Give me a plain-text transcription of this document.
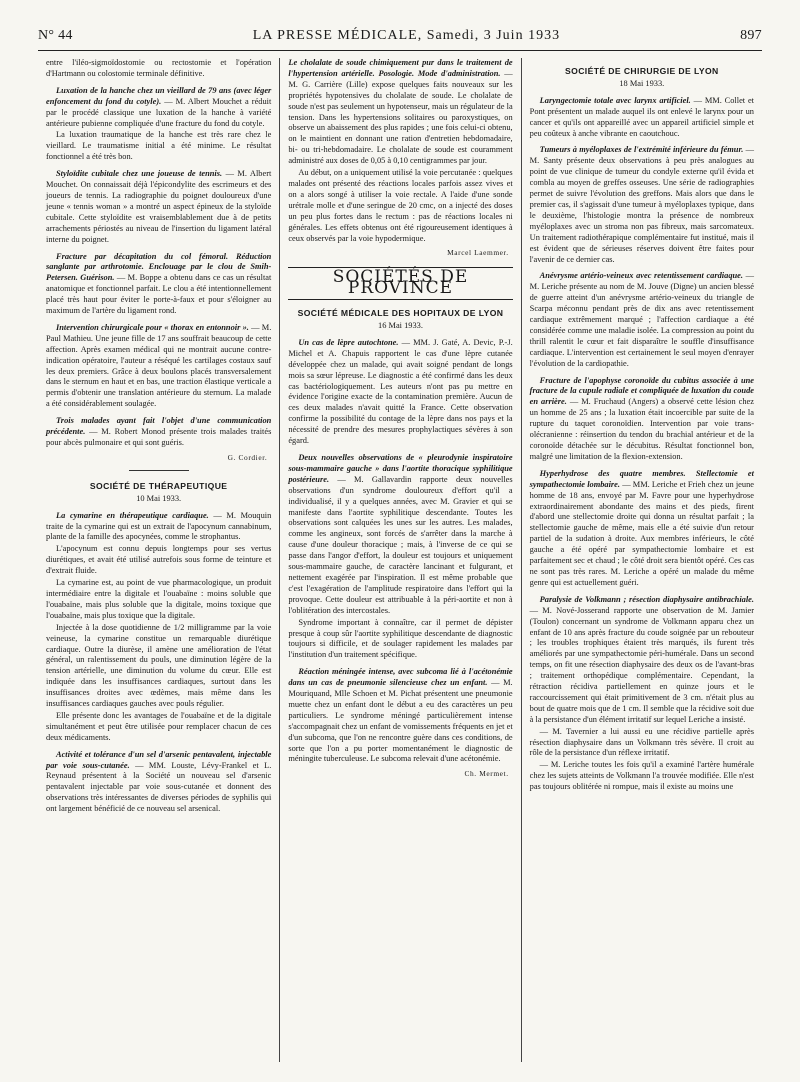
N° 44	LA PRESSE MÉDICALE, Samedi, 3 Juin 1933	897

entre l'iléo-sigmoïdostomie ou rectostomie et l'opération d'Hartmann ou colostomie terminale définitive.

Luxation de la hanche chez un vieillard de 79 ans (avec léger enfoncement du fond du cotyle). — M. Albert Mouchet a réduit par le procédé classique une luxation de la hanche à variété antérieure pubienne compliquée d'une fracture du fond du cotyle.

La luxation traumatique de la hanche est très rare chez le vieillard. Le traumatisme initial a été minime. Le résultat fonctionnel a été très bon.

Styloïdite cubitale chez une joueuse de tennis. — M. Albert Mouchet. On connaissait déjà l'épicondylite des escrimeurs et des joueurs de tennis. La radiographie du poignet douloureux d'une jeune « tennis woman » a montré un aspect épineux de la styloïde cubitale. Cette styloïdite est vraisemblablement due à de petits arrachements périostés au niveau de l'insertion du ligament latéral interne du poignet.

Fracture par décapitation du col fémoral. Réduction sanglante par arthrotomie. Enclouage par le clou de Smih-Petersen. Guérison. — M. Boppe a obtenu dans ce cas un résultat anatomique et fonctionnel parfait. Le clou a été intentionnellement placé très haut pour éviter le porte-à-faux et pour s'éloigner au maximum de l'artère du ligament rond.

Intervention chirurgicale pour « thorax en entonnoir ». — M. Paul Mathieu. Une jeune fille de 17 ans souffrait beaucoup de cette affection. Après examen médical qui ne montrait aucune contre-indication opératoire, l'auteur a réséqué les cartilages costaux sauf les deux premiers. Grâce à deux boulons placés transversalement dans le sternum en haut et en bas, une traction élastique verticale a permis d'obtenir une translation antérieure du sternum. La malade a été considérablement soulagée.

Trois malades ayant fait l'objet d'une communication précédente. — M. Robert Monod présente trois malades traités pour abcès pulmonaire et qui sont guéris.

G. Cordier.

SOCIÉTÉ DE THÉRAPEUTIQUE
10 Mai 1933.

La cymarine en thérapeutique cardiaque. — M. Mouquin traite de la cymarine qui est un extrait de l'apocynum cannabinum, plante de la famille des apocynées, comme le strophantus.

L'apocynum est connu depuis longtemps pour ses vertus diurétiques, et avait été utilisé autrefois sous forme de teinture et d'extrait fluide.

La cymarine est, au point de vue pharmacologique, un produit intermédiaire entre la digitale et l'ouabaïne : moins soluble que l'ouabaïne, mais plus soluble que la digitale, moins toxique que l'ouabaïne, mais plus toxique que la digitale.

Injectée à la dose quotidienne de 1/2 milligramme par la voie veineuse, la cymarine constitue un remarquable diurétique cardiaque. Outre la diurèse, il amène une amélioration de l'état général, un ralentissement du pouls, une diminution légère de la tension artérielle, une diminution du volume du cœur. Elle est indiquée dans les insuffisances cardiaques, surtout dans les insuffisances droites avec œdèmes, mais même dans les insuffisances cardiaques gauches avec pouls régulier.

Elle présente donc les avantages de l'ouabaïne et de la digitale simultanément et peut être utilisée pour remplacer chacun de ces deux médicaments.

Activité et tolérance d'un sel d'arsenic pentavalent, injectable par voie sous-cutanée. — MM. Louste, Lévy-Frankel et L. Reynaud présentent à la Société un nouveau sel d'arsenic pentavalent injectable par voie sous-cutanée et donnent des observations très intéressantes de diverses périodes de syphilis qui ont largement bénéficié de ce nouveau sel arsenical.

Le cholalate de soude chimiquement pur dans le traitement de l'hypertension artérielle. Posologie. Mode d'administration. — M. G. Carrière (Lille) expose quelques faits nouveaux sur les propriétés hypotensives du cholalate de soude. Le cholalate de soude n'est pas seulement un hypotenseur, mais un régulateur de la tension. Dans les hypertensions solitaires ou paroxystiques, on observe un abaissement des plus rapides ; une fois celui-ci obtenu, on le maintient en donnant une ration d'entretien hebdomadaire, bi- ou tri-hebdomadaire. Le cholalate de soude est couramment administré aux doses de 0,05 à 0,10 centigrammes par jour.

Au début, on a uniquement utilisé la voie percutanée : quelques malades ont présenté des réactions locales parfois assez vives et on a alors songé à utiliser la voie rectale. A l'aide d'une sonde urétrale molle et d'une seringue de 20 cmc, on a injecté des doses un peu plus fortes dans le rectum : pas de réactions locales ni générales. Les effets obtenus ont été rigoureusement identiques à ceux observés par la voie hypodermique.

Marcel Laemmer.

SOCIÉTÉS DE PROVINCE
SOCIÉTÉ MÉDICALE DES HOPITAUX DE LYON
16 Mai 1933.

Un cas de lèpre autochtone. — MM. J. Gaté, A. Devic, P.-J. Michel et A. Chapuis rapportent le cas d'une lèpre cutanée développée chez un malade, qui avait soigné pendant de longs mois sa sœur lépreuse. Le diagnostic a été confirmé dans les deux cas bactériologiquement. Les auteurs n'ont pas pu mettre en évidence l'origine exacte de la contamination première. Aucun de ces deux malades n'avait quitté la France. Cette observation confirme la possibilité du contage de la lèpre dans nos pays et la nécessité de prendre des mesures prophylactiques sévères à son égard.

Deux nouvelles observations de « pleurodynie inspiratoire sous-mammaire gauche » dans l'aortite thoracique syphilitique postérieure. — M. Gallavardin rapporte deux nouvelles observations d'un syndrome douloureux d'effort qu'il a individualisé, il y a quelques années, avec M. Gravier et qui se manifeste dans l'aortite syphilitique descendante. Toutes les observations sont calquées les unes sur les autres. Les malades, comme les angineux, sont forcés de s'arrêter dans la marche à cause d'une douleur thoracique ; mais, à l'inverse de ce qui se passe dans l'angor d'effort, la douleur est toujours et uniquement sous-mammaire gauche, de caractère lancinant et fulgurant, et nettement exagérée par l'inspiration. Il est même probable que c'est l'exagération de l'amplitude respiratoire dans l'effort qui la provoque. Cette douleur est attribuable à la péri-aortite et non à l'oblitération des intercostales.

Syndrome important à connaître, car il permet de dépister presque à coup sûr l'aortite syphilitique descendante de diagnostic toujours si difficile, et de soulager rapidement les malades par l'institution d'un traitement spécifique.

Réaction méningée intense, avec subcoma lié à l'acétonémie dans un cas de pneumonie silencieuse chez un enfant. — M. Mouriquand, Mlle Schoen et M. Pichat présentent une pneumonie muette chez un enfant dont le début a eu des caractères un peu particuliers. Le syndrome méningé particulièrement intense s'accompagnait chez un enfant de vomissements fréquents en jet et d'un subcoma, que l'on ne rencontre guère dans ces conditions, de sorte que l'on a pu porter momentanément le diagnostic de méningite tuberculeuse. Le subcoma relevait d'une acétonémie.

Ch. Mermet.

SOCIÉTÉ DE CHIRURGIE DE LYON
18 Mai 1933.

Laryngectomie totale avec larynx artificiel. — MM. Collet et Pont présentent un malade auquel ils ont enlevé le larynx pour un cancer et qu'ils ont appareillé avec un appareil artificiel simple et peu coûteux à anche vibrante en caoutchouc.

Tumeurs à myéloplaxes de l'extrémité inférieure du fémur. — M. Santy présente deux observations à peu près analogues au point de vue clinique de tumeur du condyle externe qu'il évida et combla au moyen de greffes osseuses. Une série de radiographies permet de suivre l'évolution des greffons. Mais alors que dans le premier cas, il s'agissait d'une tumeur à myéloplaxes typique, dans le deuxième, l'histologie montra la présence de nombreux myéloplaxes avec un stroma non pas fibreux, mais sarcomateux. Un traitement radiothérapique complémentaire fut institué, mais il est évident que de sérieuses réserves doivent être faites pour l'avenir de ce dernier cas.

Anévrysme artério-veineux avec retentissement cardiaque. — M. Leriche présente au nom de M. Jouve (Digne) un ancien blessé de guerre atteint d'un anévrysme artério-veineux du triangle de Scarpa méconnu pendant près de dix ans avec retentissement cardiaque extrêmement marqué ; l'affection cardiaque a été considérée comme une maladie isolée. La compression au point du thrill ralentit le cœur et fait disparaître le souffle d'insuffisance cardiaque. L'intervention est certainement le seul moyen d'enrayer l'évolution de la cardiopathie.

Fracture de l'apophyse coronoïde du cubitus associée à une fracture de la cupule radiale et compliquée de luxation du coude en arrière. — M. Fruchaud (Angers) a observé cette lésion chez un homme de 25 ans ; la luxation était incoercible par suite de la rupture du taquet coronoïdien. Intervention par voie trans-olécranienne : réinsertion du tendon du brachial antérieur et de la coronoïde détachée sur le décubitus. Résultat fonctionnel bon, malgré une limitation de la flexion-extension.

Hyperhydrose des quatre membres. Stellectomie et sympathectomie lombaire. — MM. Leriche et Frieh chez un jeune homme de 18 ans, envoyé par M. Favre pour une hyperhydrose extraordinairement abondante des mains et des pieds, firent d'abord une stellectomie droite qui donna un résultat parfait ; la stellectomie gauche de même, mais elle a été suivie d'un retour partiel de la sudation à droite. Aux membres inférieurs, le côté gauche a été opéré par sympathectomie lombaire et est parfaitement sec et chaud ; le côté droit sera bientôt opéré. Ces cas ne sont pas très rares. M. Leriche a opéré un malade du même genre qui est actuellement guéri.

Paralysie de Volkmann ; résection diaphysaire antibrachiale. — M. Nové-Josserand rapporte une observation de M. Jamier (Toulon) concernant un syndrome de Volkmann apparu chez un enfant de 10 ans après fracture du coude soignée par un rebouteur ; les troubles trophiques étaient très marqués, ils furent très améliorés par une sympathectomie péri-humérale. Dans un second temps, on fit une résection diaphysaire des deux os de l'avant-bras ; traitement orthopédique complémentaire. Cependant, la rétraction récidiva partiellement en quinze jours et le raccourcissement qui était primitivement de 3 cm. n'était plus au bout de quatre mois que de 1 cm. Il semble que la récidive soit due à la persistance d'un élément irritatif sur lequel Leriche a insisté.

— M. Tavernier a lui aussi eu une récidive partielle après résection diaphysaire dans un Volkmann très sévère. Il croit au rôle de la persistance d'un réflexe irritatif.

— M. Leriche toutes les fois qu'il a examiné l'artère humérale chez les sujets atteints de Volkmann l'a trouvée modifiée. Elle n'est pas toujours oblitérée ni rompue, mais il existe au moins une
